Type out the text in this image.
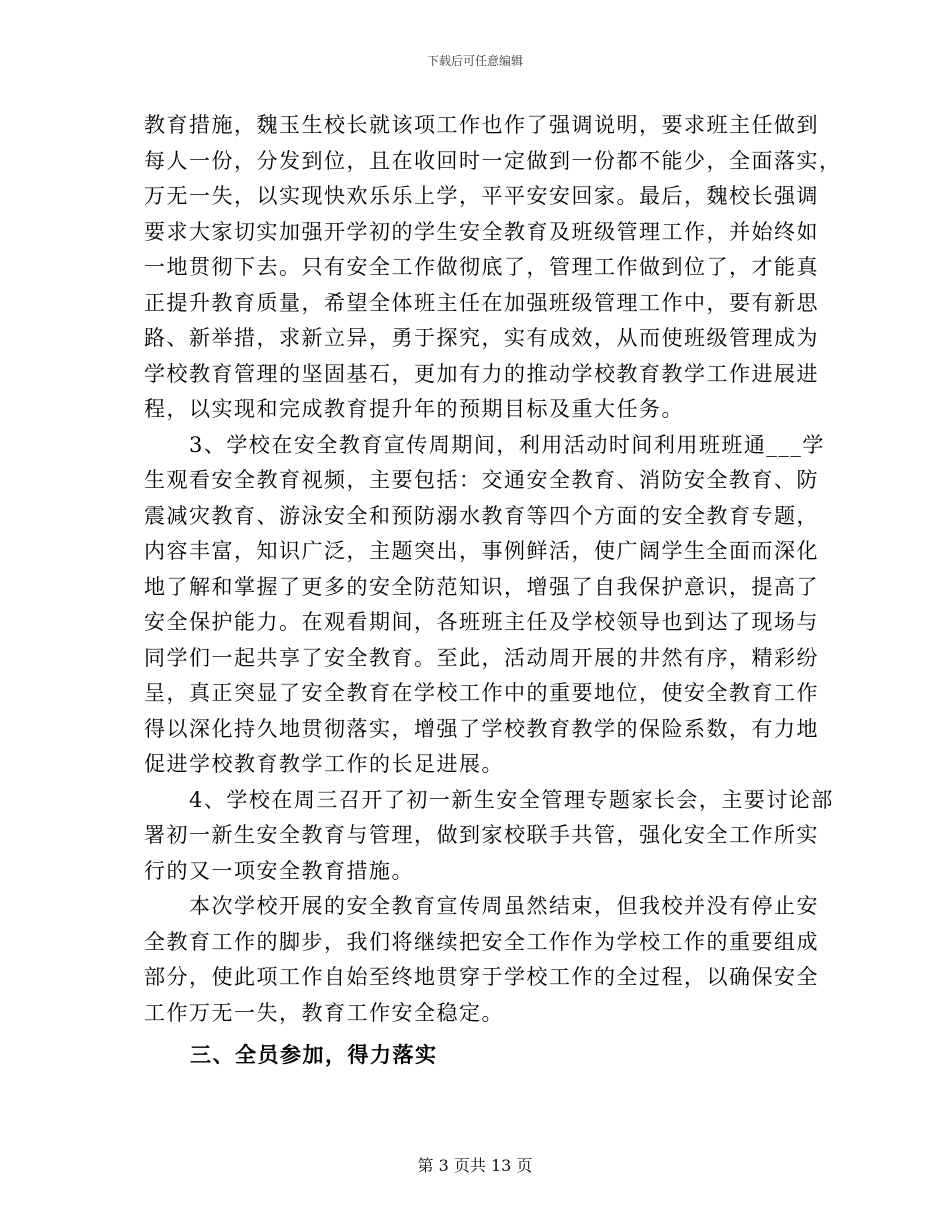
下载后可任意编辑

教育措施，魏玉生校长就该项工作也作了强调说明，要求班主任做到
每人一份，分发到位，且在收回时一定做到一份都不能少，全面落实，
万无一失，以实现快欢乐乐上学，平平安安回家。最后，魏校长强调
要求大家切实加强开学初的学生安全教育及班级管理工作，并始终如
一地贯彻下去。只有安全工作做彻底了，管理工作做到位了，才能真
正提升教育质量，希望全体班主任在加强班级管理工作中，要有新思
路、新举措，求新立异，勇于探究，实有成效，从而使班级管理成为
学校教育管理的坚固基石，更加有力的推动学校教育教学工作进展进
程，以实现和完成教育提升年的预期目标及重大任务。

3、学校在安全教育宣传周期间，利用活动时间利用班班通___学
生观看安全教育视频，主要包括：交通安全教育、消防安全教育、防
震减灾教育、游泳安全和预防溺水教育等四个方面的安全教育专题，
内容丰富，知识广泛，主题突出，事例鲜活，使广阔学生全面而深化
地了解和掌握了更多的安全防范知识，增强了自我保护意识，提高了
安全保护能力。在观看期间，各班班主任及学校领导也到达了现场与
同学们一起共享了安全教育。至此，活动周开展的井然有序，精彩纷
呈，真正突显了安全教育在学校工作中的重要地位，使安全教育工作
得以深化持久地贯彻落实，增强了学校教育教学的保险系数，有力地
促进学校教育教学工作的长足进展。

4、学校在周三召开了初一新生安全管理专题家长会，主要讨论部
署初一新生安全教育与管理，做到家校联手共管，强化安全工作所实
行的又一项安全教育措施。

本次学校开展的安全教育宣传周虽然结束，但我校并没有停止安
全教育工作的脚步，我们将继续把安全工作作为学校工作的重要组成
部分，使此项工作自始至终地贯穿于学校工作的全过程，以确保安全
工作万无一失，教育工作安全稳定。

三、全员参加，得力落实
第 3 页共 13 页
